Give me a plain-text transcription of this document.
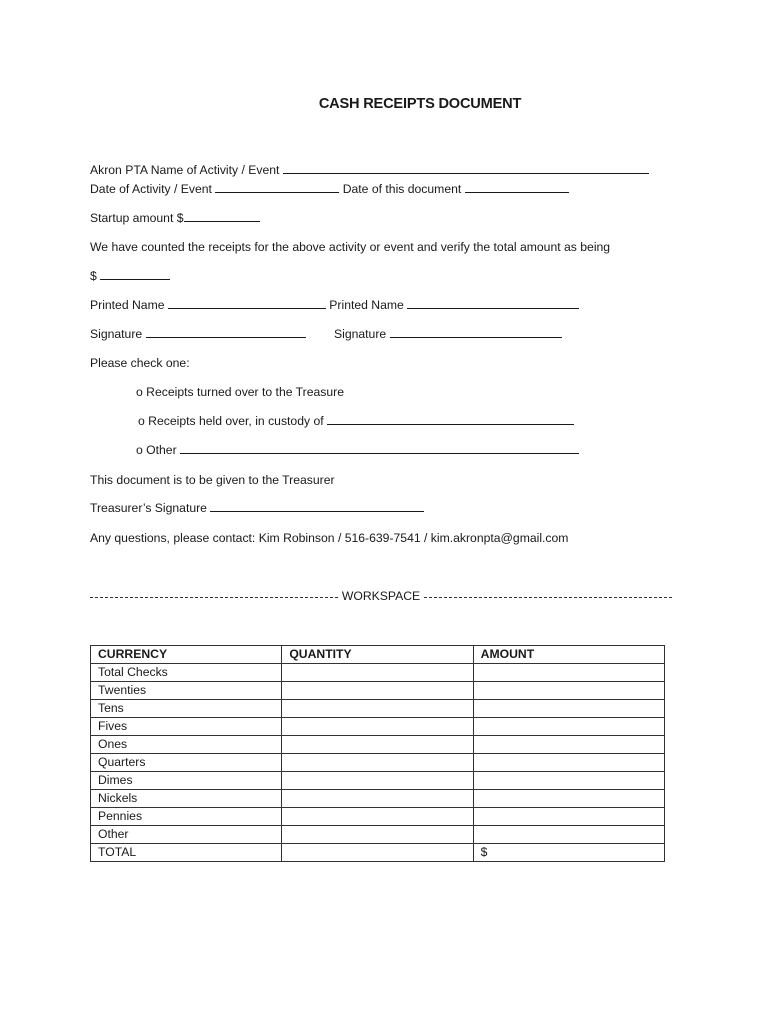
CASH RECEIPTS DOCUMENT
Akron PTA Name of Activity / Event
Date of Activity / Event	Date of this document
Startup amount $
We have counted the receipts for the above activity or event and verify the total amount as being
$
Printed Name	Printed Name
Signature	Signature
Please check one:
o Receipts turned over to the Treasure
o Receipts held over, in custody of
o Other
This document is to be given to the Treasurer
Treasurer’s Signature
Any questions, please contact: Kim Robinson / 516-639-7541 / kim.akronpta@gmail.com
WORKSPACE
CURRENCY	QUANTITY	AMOUNT
Total Checks		
Twenties		
Tens		
Fives		
Ones		
Quarters		
Dimes		
Nickels		
Pennies		
Other		
TOTAL		$
